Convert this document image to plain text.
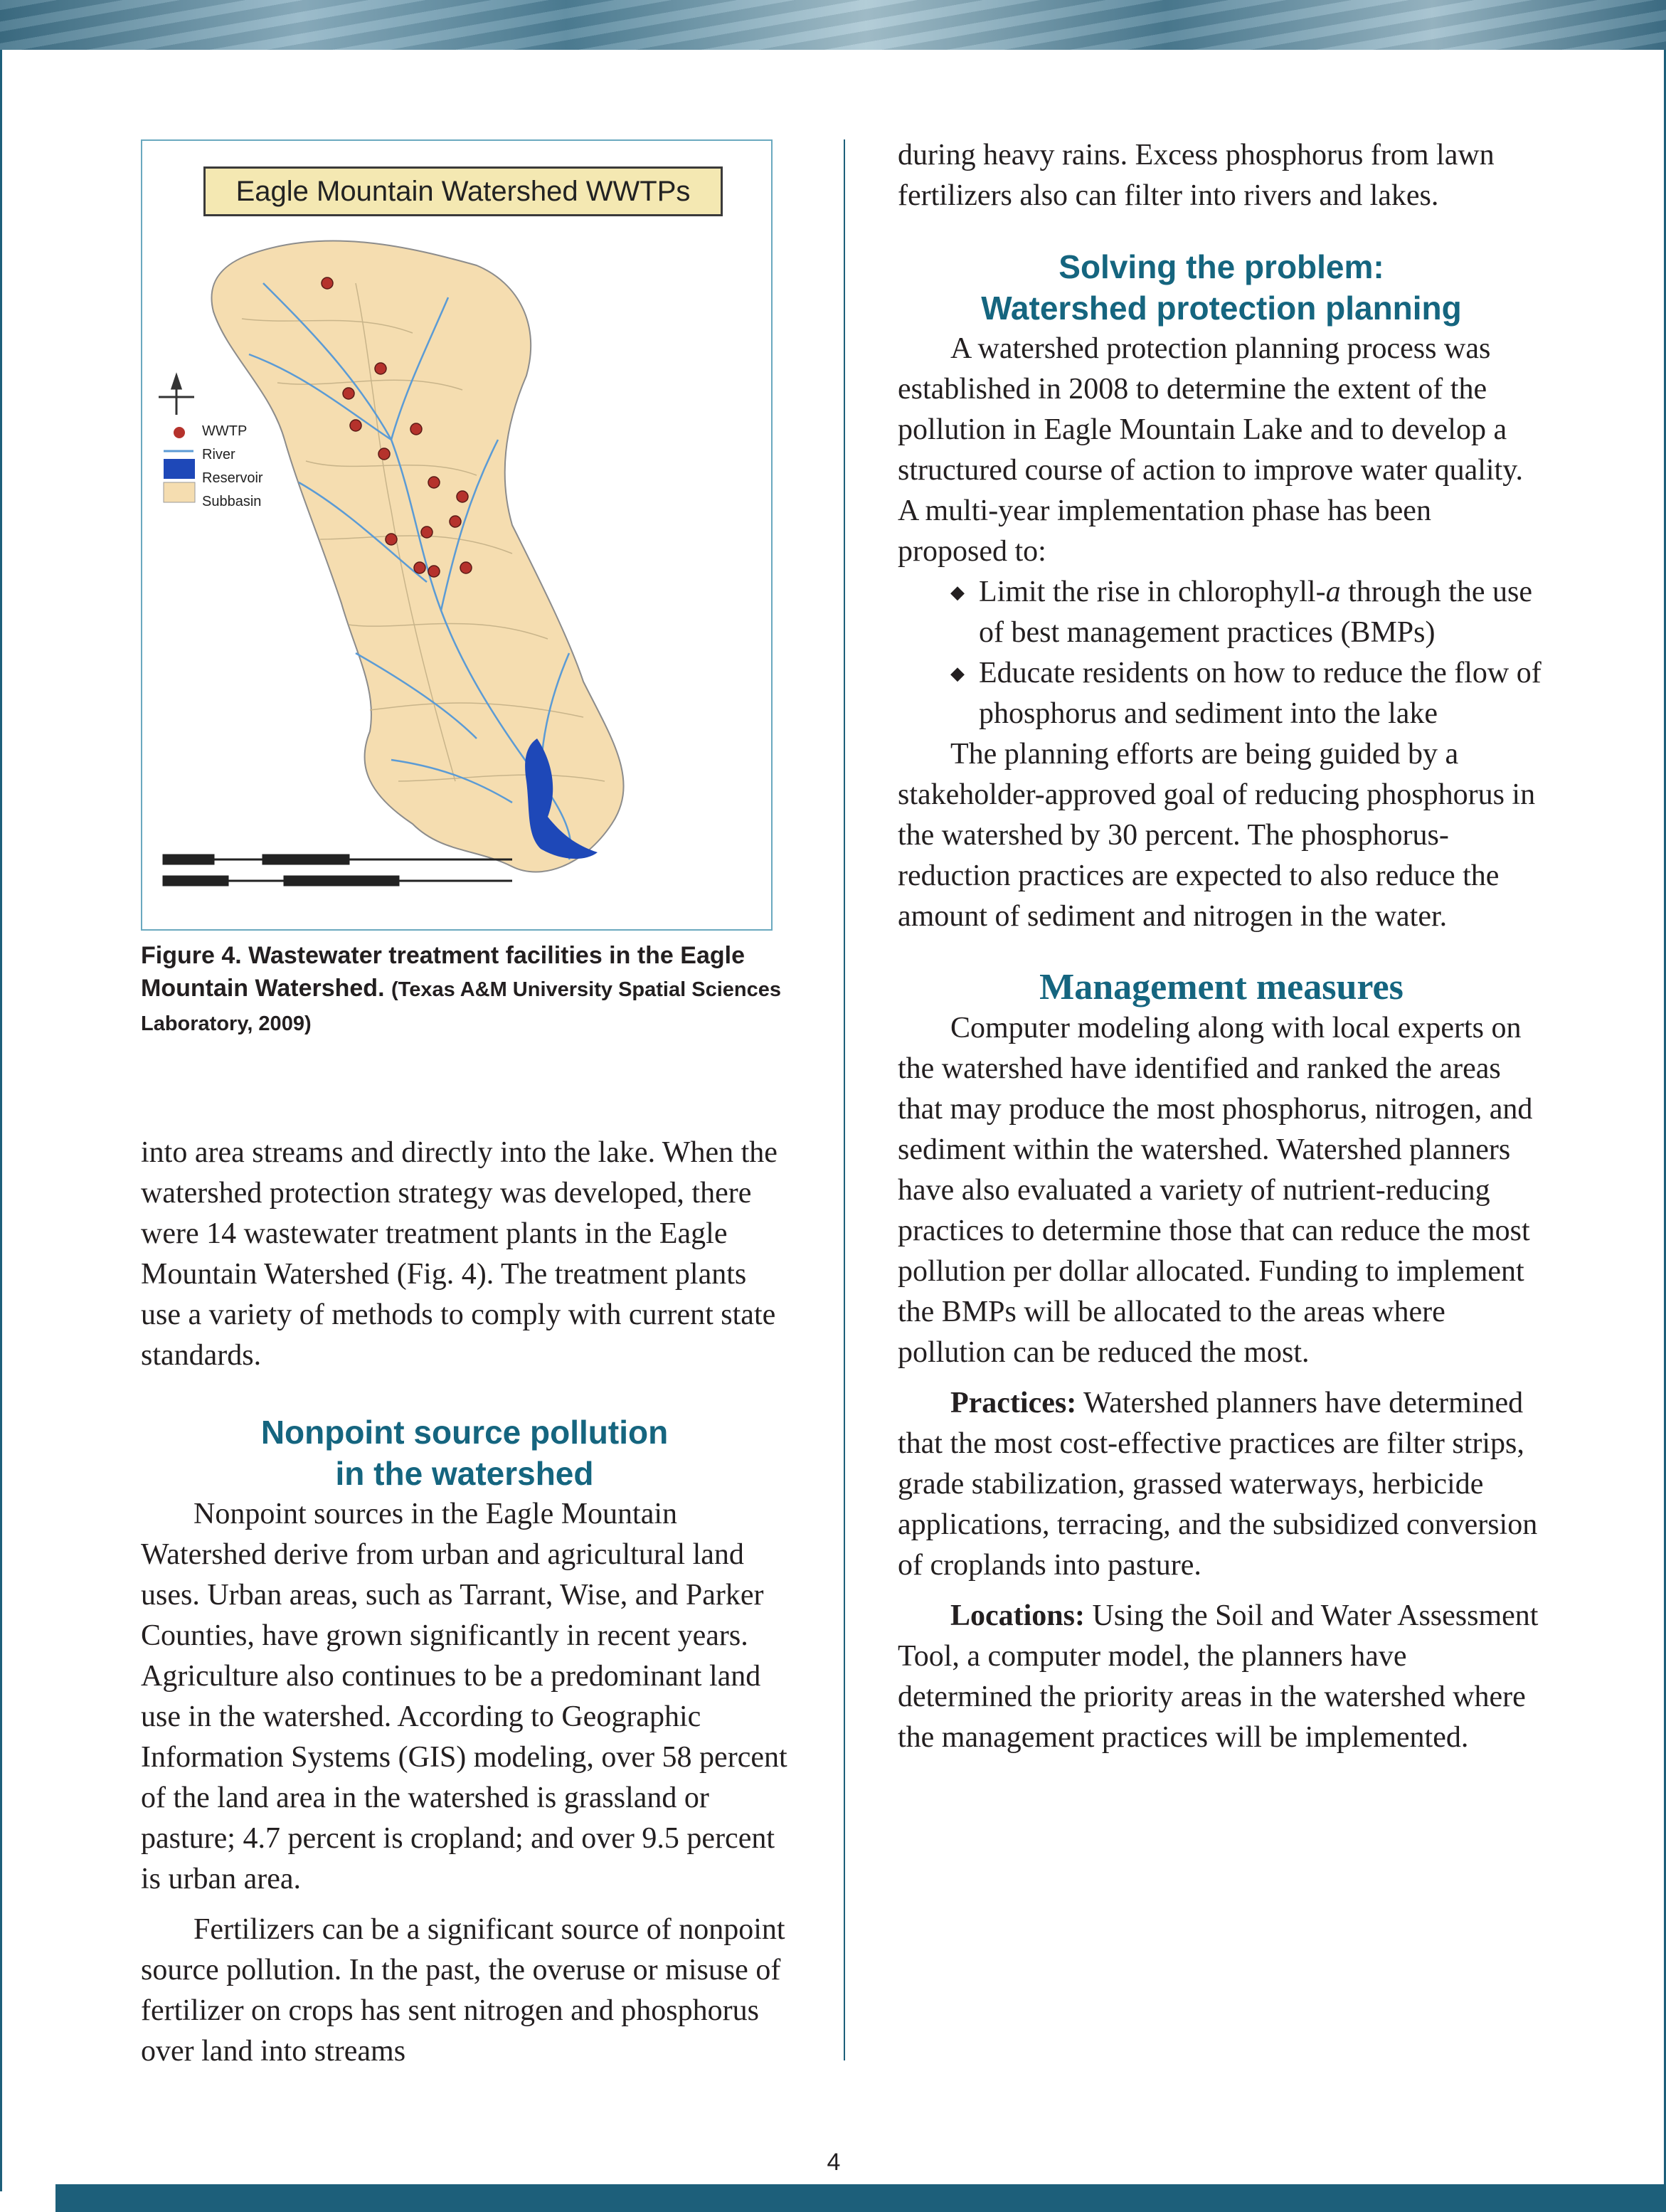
Eagle Mountain Watershed WWTPs
WWTP
River
Reservoir
Subbasin
Figure 4. Wastewater treatment facilities in the Eagle Mountain Watershed. (Texas A&M University Spatial Sciences Laboratory, 2009)

into area streams and directly into the lake. When the watershed protection strategy was developed, there were 14 wastewater treatment plants in the Eagle Mountain Watershed (Fig. 4). The treatment plants use a variety of methods to comply with current state standards.

Nonpoint source pollution
in the watershed

Nonpoint sources in the Eagle Mountain Watershed derive from urban and agricultural land uses. Urban areas, such as Tarrant, Wise, and Parker Counties, have grown significantly in recent years. Agriculture also continues to be a predominant land use in the watershed. According to Geographic Information Systems (GIS) modeling, over 58 percent of the land area in the watershed is grassland or pasture; 4.7 percent is cropland; and over 9.5 percent is urban area.

Fertilizers can be a significant source of nonpoint source pollution. In the past, the overuse or misuse of fertilizer on crops has sent nitrogen and phosphorus over land into streams

during heavy rains. Excess phosphorus from lawn fertilizers also can filter into rivers and lakes.

Solving the problem:
Watershed protection planning

A watershed protection planning process was established in 2008 to determine the extent of the pollution in Eagle Mountain Lake and to develop a structured course of action to improve water quality. A multi-year implementation phase has been proposed to:

◆ Limit the rise in chlorophyll-a through the use of best management practices (BMPs)
◆ Educate residents on how to reduce the flow of phosphorus and sediment into the lake

The planning efforts are being guided by a stakeholder-approved goal of reducing phosphorus in the watershed by 30 percent. The phosphorus-reduction practices are expected to also reduce the amount of sediment and nitrogen in the water.

Management measures

Computer modeling along with local experts on the watershed have identified and ranked the areas that may produce the most phosphorus, nitrogen, and sediment within the watershed. Watershed planners have also evaluated a variety of nutrient-reducing practices to determine those that can reduce the most pollution per dollar allocated. Funding to implement the BMPs will be allocated to the areas where pollution can be reduced the most.

Practices: Watershed planners have determined that the most cost-effective practices are filter strips, grade stabilization, grassed waterways, herbicide applications, terracing, and the subsidized conversion of croplands into pasture.

Locations: Using the Soil and Water Assessment Tool, a computer model, the planners have determined the priority areas in the watershed where the management practices will be implemented.

4
